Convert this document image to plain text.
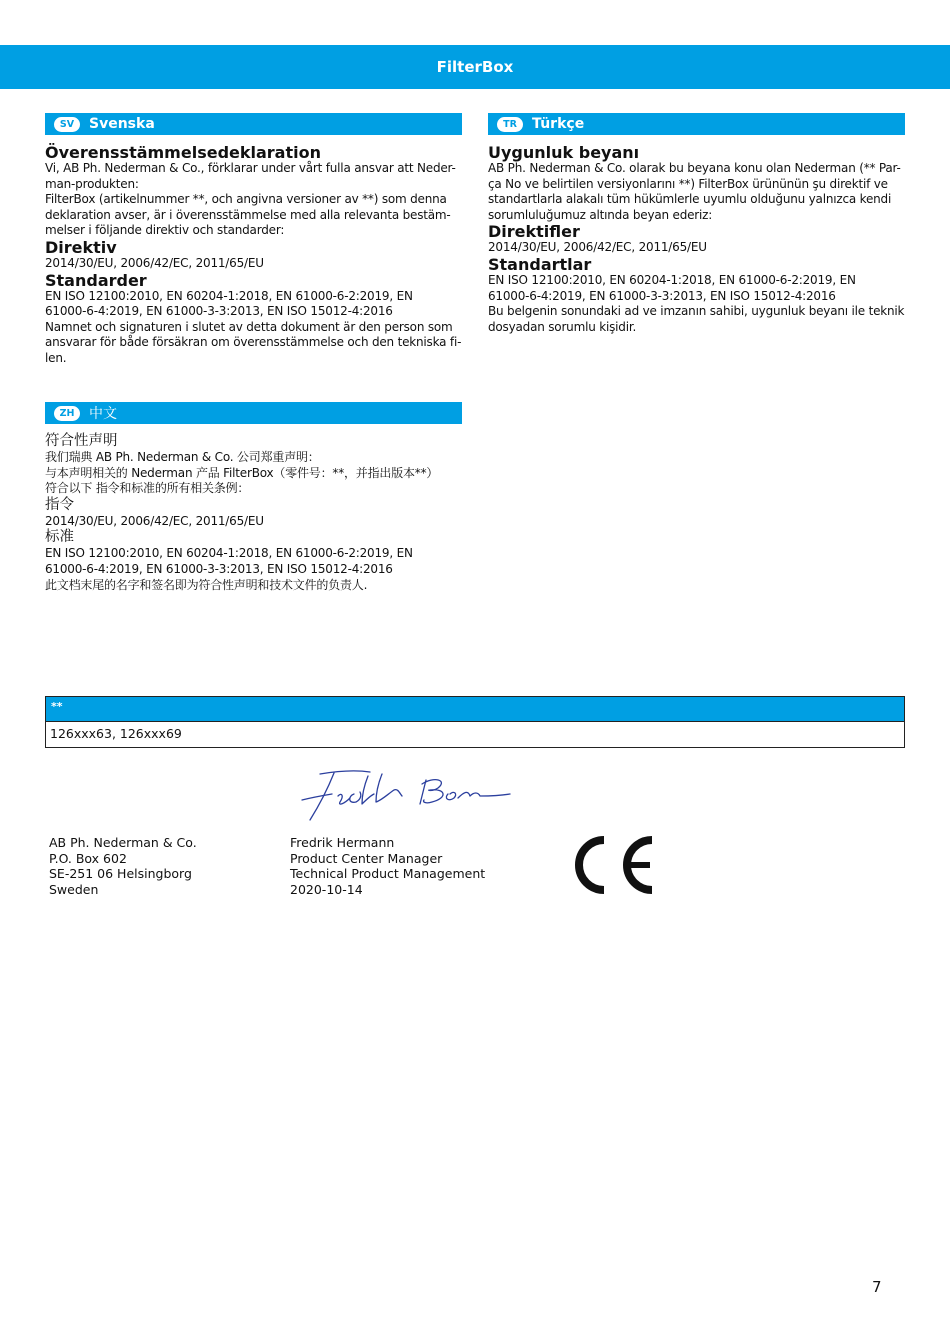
FilterBox
SV	Svenska
Överensstämmelsedeklaration
Vi, AB Ph. Nederman & Co., förklarar under vårt fulla ansvar att Neder-
man-produkten:
FilterBox (artikelnummer **, och angivna versioner av **) som denna
deklaration avser, är i överensstämmelse med alla relevanta bestäm-
melser i följande direktiv och standarder:
Direktiv
2014/30/EU, 2006/42/EC, 2011/65/EU
Standarder
EN ISO 12100:2010, EN 60204-1:2018, EN 61000-6-2:2019, EN
61000-6-4:2019, EN 61000-3-3:2013, EN ISO 15012-4:2016
Namnet och signaturen i slutet av detta dokument är den person som
ansvarar för både försäkran om överensstämmelse och den tekniska fi-
len.
TR	Türkçe
Uygunluk beyanı
AB Ph. Nederman & Co. olarak bu beyana konu olan Nederman (** Par-
ça No ve belirtilen versiyonlarını **) FilterBox ürününün şu direktif ve
standartlarla alakalı tüm hükümlerle uyumlu olduğunu yalnızca kendi
sorumluluğumuz altında beyan ederiz:
Direktifler
2014/30/EU, 2006/42/EC, 2011/65/EU
Standartlar
EN ISO 12100:2010, EN 60204-1:2018, EN 61000-6-2:2019, EN
61000-6-4:2019, EN 61000-3-3:2013, EN ISO 15012-4:2016
Bu belgenin sonundaki ad ve imzanın sahibi, uygunluk beyanı ile teknik
dosyadan sorumlu kişidir.
ZH	中文
符合性声明
我们瑞典 AB Ph. Nederman & Co. 公司郑重声明：
与本声明相关的 Nederman 产品 FilterBox（零件号：**，并指出版本**）
符合以下 指令和标准的所有相关条例：
指令
2014/30/EU, 2006/42/EC, 2011/65/EU
标准
EN ISO 12100:2010, EN 60204-1:2018, EN 61000-6-2:2019, EN
61000-6-4:2019, EN 61000-3-3:2013, EN ISO 15012-4:2016
此文档末尾的名字和签名即为符合性声明和技术文件的负责人.
**
126xxx63, 126xxx69
AB Ph. Nederman & Co.
P.O. Box 602
SE-251 06 Helsingborg
Sweden
Fredrik Hermann
Product Center Manager
Technical Product Management
2020-10-14
7
